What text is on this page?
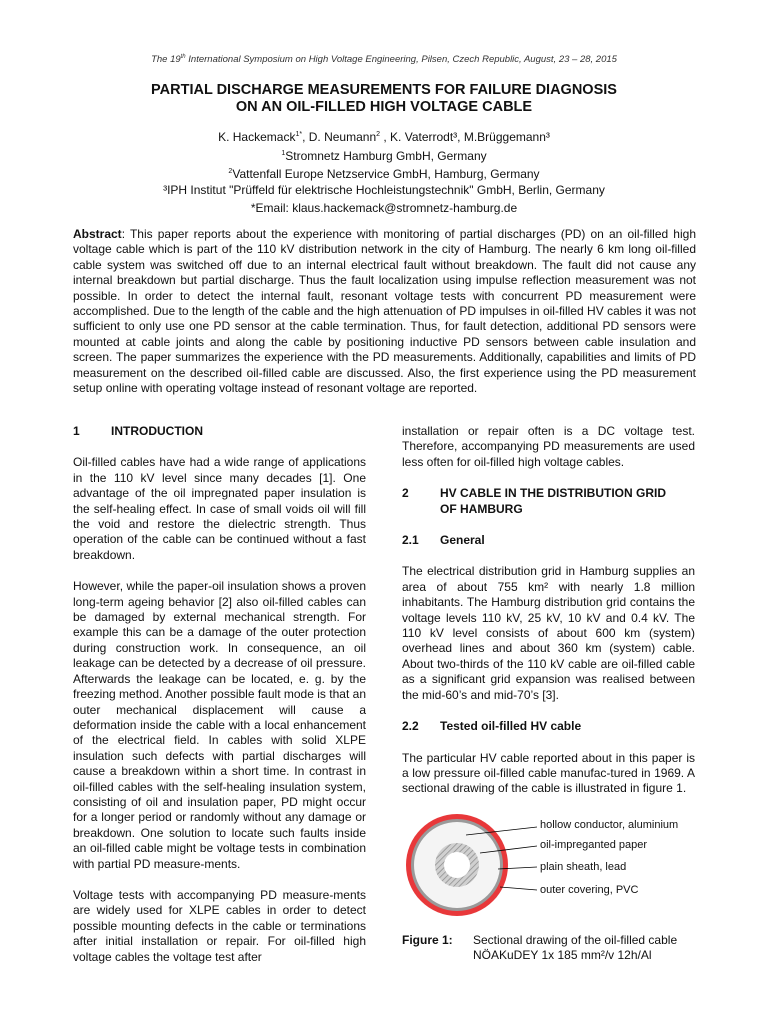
The 19th International Symposium on High Voltage Engineering, Pilsen, Czech Republic, August, 23 – 28, 2015
PARTIAL DISCHARGE MEASUREMENTS FOR FAILURE DIAGNOSIS
ON AN OIL-FILLED HIGH VOLTAGE CABLE
K. Hackemack$^{1*}$, D. Neumann$^2$ , K. Vaterrodt³, M.Brüggemann³
$^1$Stromnetz Hamburg GmbH, Germany
$^2$Vattenfall Europe Netzservice GmbH, Hamburg, Germany
³IPH Institut "Prüffeld für elektrische Hochleistungstechnik" GmbH, Berlin, Germany
*Email: klaus.hackemack@stromnetz-hamburg.de
Abstract: This paper reports about the experience with monitoring of partial discharges (PD) on an oil-filled high voltage cable which is part of the 110 kV distribution network in the city of Hamburg. The nearly 6 km long oil-filled cable system was switched off due to an internal electrical fault without breakdown. The fault did not cause any internal breakdown but partial discharge. Thus the fault localization using impulse reflection measurement was not possible. In order to detect the internal fault, resonant voltage tests with concurrent PD measurement were accomplished. Due to the length of the cable and the high attenuation of PD impulses in oil-filled HV cables it was not sufficient to only use one PD sensor at the cable termination. Thus, for fault detection, additional PD sensors were mounted at cable joints and along the cable by positioning inductive PD sensors between cable insulation and screen. The paper summarizes the experience with the PD measurements. Additionally, capabilities and limits of PD measurement on the described oil-filled cable are discussed. Also, the first experience using the PD measurement setup online with operating voltage instead of resonant voltage are reported.
1	INTRODUCTION

Oil-filled cables have had a wide range of applications in the 110 kV level since many decades [1]. One advantage of the oil impregnated paper insulation is the self-healing effect. In case of small voids oil will fill the void and restore the dielectric strength. Thus operation of the cable can be continued without a fast breakdown.

However, while the paper-oil insulation shows a proven long-term ageing behavior [2] also oil-filled cables can be damaged by external mechanical strength. For example this can be a damage of the outer protection during construction work. In consequence, an oil leakage can be detected by a decrease of oil pressure. Afterwards the leakage can be located, e. g. by the freezing method. Another possible fault mode is that an outer mechanical displacement will cause a deformation inside the cable with a local enhancement of the electrical field. In cables with solid XLPE insulation such defects with partial discharges will cause a breakdown within a short time. In contrast in oil-filled cables with the self-healing insulation system, consisting of oil and insulation paper, PD might occur for a longer period or randomly without any damage or breakdown. One solution to locate such faults inside an oil-filled cable might be voltage tests in combination with partial PD measure-ments.

Voltage tests with accompanying PD measure-ments are widely used for XLPE cables in order to detect possible mounting defects in the cable or terminations after initial installation or repair. For oil-filled high voltage cables the voltage test after

installation or repair often is a DC voltage test. Therefore, accompanying PD measurements are used less often for oil-filled high voltage cables.

2	HV CABLE IN THE DISTRIBUTION GRID OF HAMBURG
2.1	General

The electrical distribution grid in Hamburg supplies an area of about 755 km² with nearly 1.8 million inhabitants. The Hamburg distribution grid contains the voltage levels 110 kV, 25 kV, 10 kV and 0.4 kV. The 110 kV level consists of about 600 km (system) overhead lines and about 360 km (system) cable. About two-thirds of the 110 kV cable are oil-filled cable as a significant grid expansion was realised between the mid-60’s and mid-70’s [3].

2.2	Tested oil-filled HV cable

The particular HV cable reported about in this paper is a low pressure oil-filled cable manufac-tured in 1969. A sectional drawing of the cable is illustrated in figure 1.

hollow conductor, aluminium
oil-impreganted paper
plain sheath, lead
outer covering, PVC
Figure 1:	Sectional drawing of the oil-filled cable
NÖAKuDEY 1x 185 mm²/v 12h/Al
